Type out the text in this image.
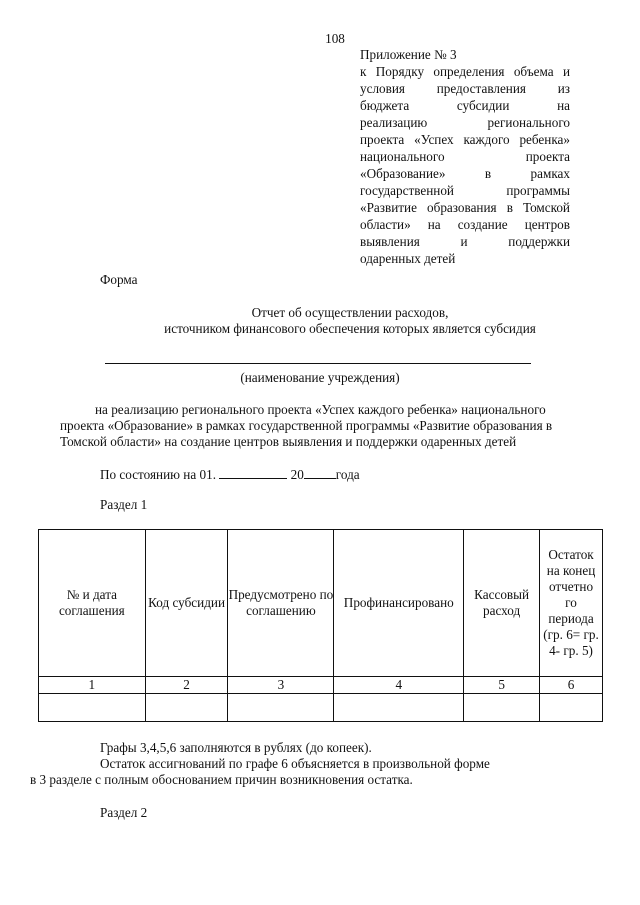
108
Приложение № 3
к Порядку определения объема и
условия предоставления из
бюджета субсидии на
реализацию регионального
проекта «Успех каждого ребенка»
национального проекта
«Образование» в рамках
государственной программы
«Развитие образования в Томской
области» на создание центров
выявления и поддержки
одаренных детей
Форма
Отчет об осуществлении расходов,
источником финансового обеспечения которых является субсидия
(наименование учреждения)
на реализацию регионального проекта «Успех каждого ребенка» национального
проекта «Образование» в рамках государственной программы «Развитие образования в
Томской области» на создание центров выявления и поддержки одаренных детей
По состоянию на 01.	20 года
Раздел 1
№ и дата соглашения	Код субсидии	Предусмотрено по соглашению	Профинансировано	Кассовый расход	Остаток на конец отчетно го периода (гр. 6= гр. 4- гр. 5)
1	2	3	4	5	6

Графы 3,4,5,6 заполняются в рублях (до копеек).
Остаток ассигнований по графе 6 объясняется в произвольной форме
в 3 разделе с полным обоснованием причин возникновения остатка.
Раздел 2
